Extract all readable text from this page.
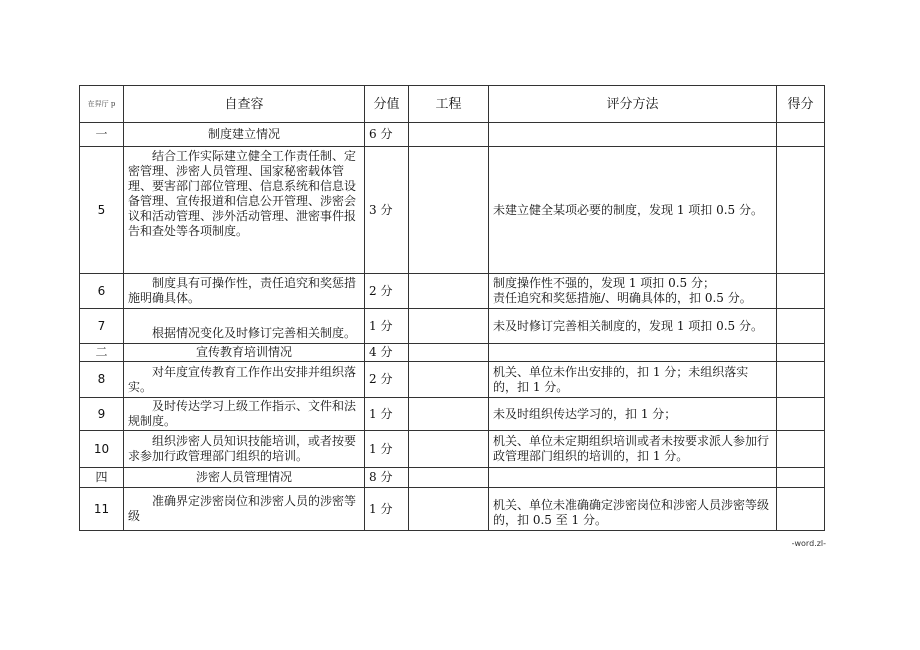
在舁厅 p	自查容	分值	工程	评分方法	得分
一	制度建立情况	6 分			
5	结合工作实际建立健全工作责任制、定密管理、涉密人员管理、国家秘密载体管理、要害部门部位管理、信息系统和信息设备管理、宣传报道和信息公开管理、涉密会议和活动管理、涉外活动管理、泄密事件报告和查处等各项制度。	3 分		未建立健全某项必要的制度，发现 1 项扣 0.5 分。	
6	制度具有可操作性，责任追究和奖惩措施明确具体。	2 分		制度操作性不强的，发现 1 项扣 0.5 分；
责任追究和奖惩措施/、明确具体的，扣 0.5 分。	
7	根据情况变化及时修订完善相关制度。	1 分		未及时修订完善相关制度的，发现 1 项扣 0.5 分。	
二	宣传教育培训情况	4 分			
8	对年度宣传教育工作作出安排并组织落实。	2 分		机关、单位未作出安排的，扣 1 分；未组织落实的，扣 1 分。	
9	及时传达学习上级工作指示、文件和法规制度。	1 分		未及时组织传达学习的，扣 1 分；	
10	组织涉密人员知识技能培训，或者按要求参加行政管理部门组织的培训。	1 分		机关、单位未定期组织培训或者未按要求派人参加行政管理部门组织的培训的，扣 1 分。	
四	涉密人员管理情况	8 分			
11	准确界定涉密岗位和涉密人员的涉密等级	1 分		机关、单位未准确确定涉密岗位和涉密人员涉密等级的，扣 0.5 至 1 分。	
-word.zl-
